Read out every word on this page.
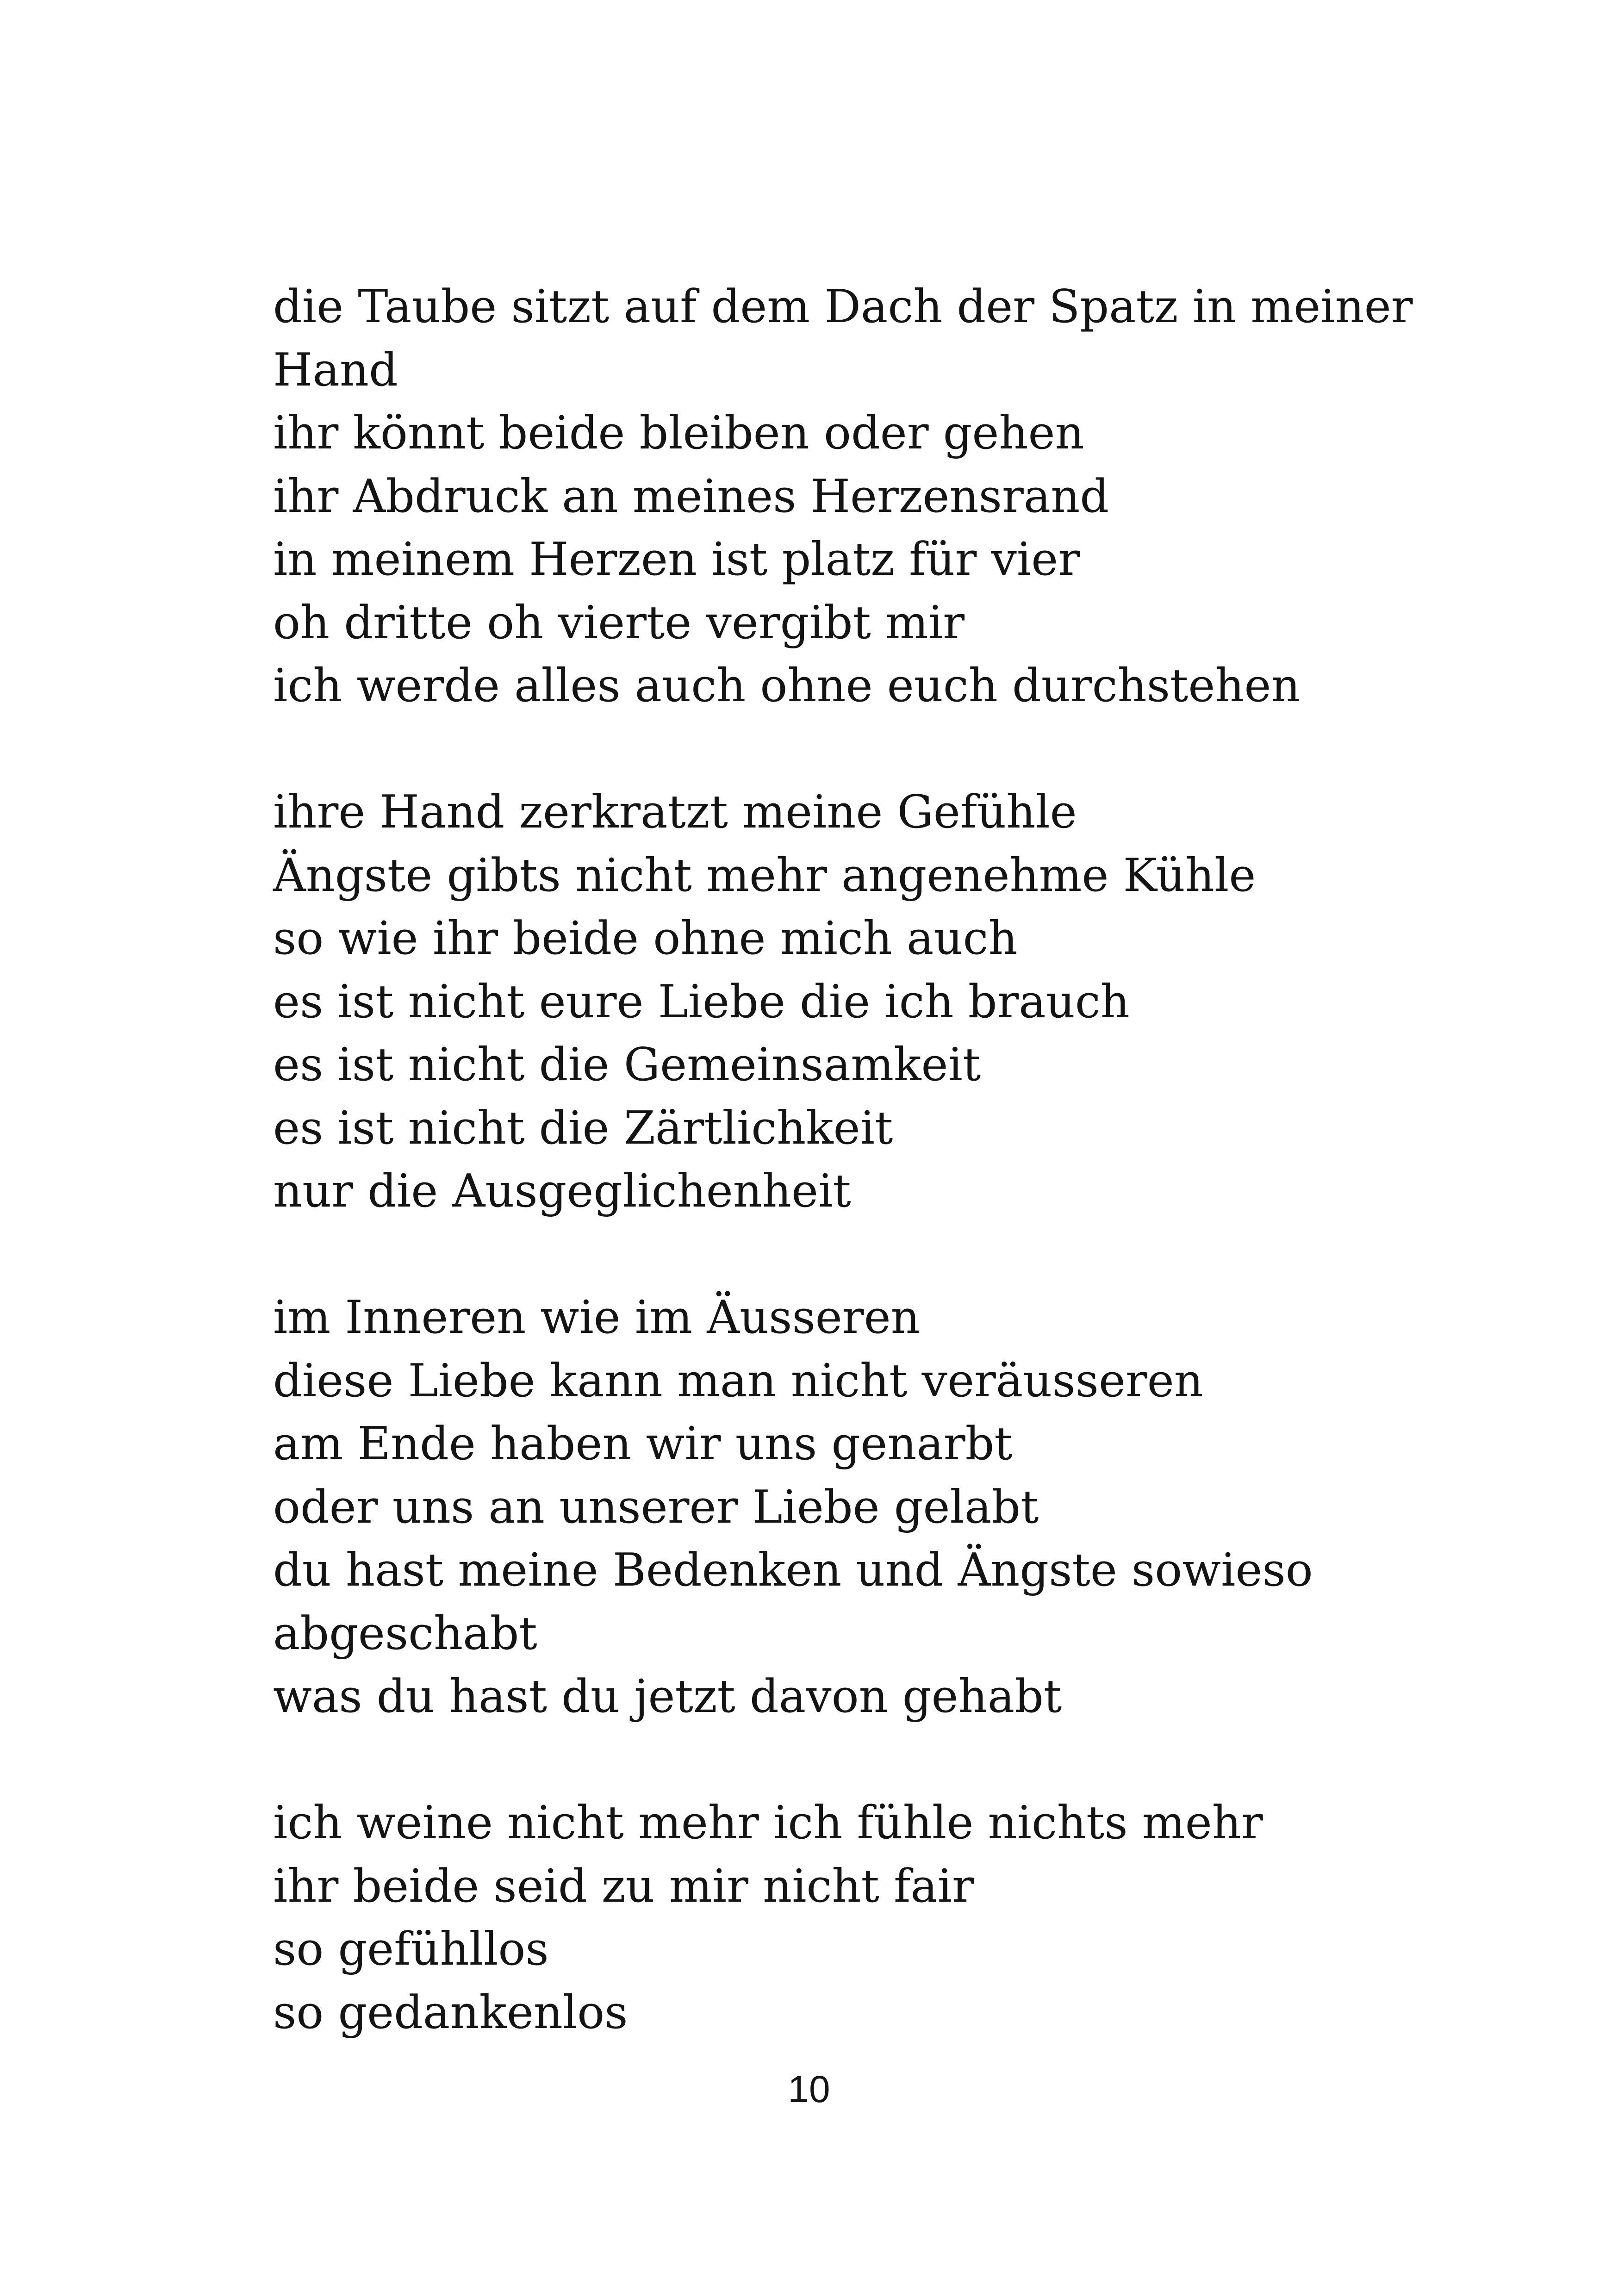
die Taube sitzt auf dem Dach der Spatz in meiner
Hand
ihr könnt beide bleiben oder gehen
ihr Abdruck an meines Herzensrand
in meinem Herzen ist platz für vier
oh dritte oh vierte vergibt mir
ich werde alles auch ohne euch durchstehen

ihre Hand zerkratzt meine Gefühle
Ängste gibts nicht mehr angenehme Kühle
so wie ihr beide ohne mich auch
es ist nicht eure Liebe die ich brauch
es ist nicht die Gemeinsamkeit
es ist nicht die Zärtlichkeit
nur die Ausgeglichenheit

im Inneren wie im Äusseren
diese Liebe kann man nicht veräusseren
am Ende haben wir uns genarbt
oder uns an unserer Liebe gelabt
du hast meine Bedenken und Ängste sowieso
abgeschabt
was du hast du jetzt davon gehabt

ich weine nicht mehr ich fühle nichts mehr
ihr beide seid zu mir nicht fair
so gefühllos
so gedankenlos

10
